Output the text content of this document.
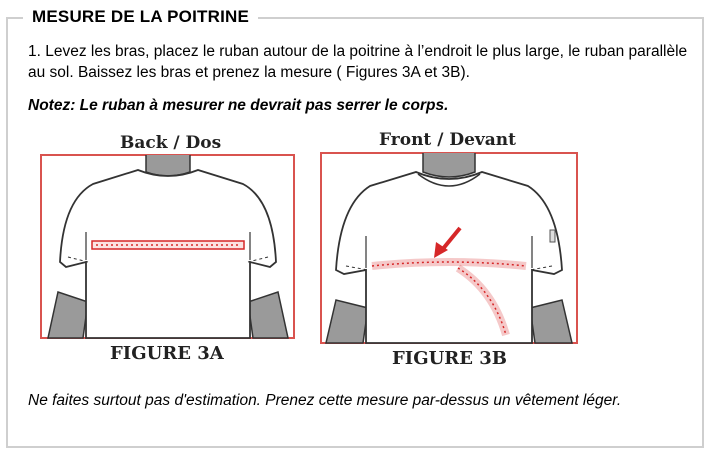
MESURE DE LA POITRINE
1. Levez les bras, placez le ruban autour de la poitrine à l’endroit le plus large, le ruban parallèle au sol. Baissez les bras et prenez la mesure ( Figures 3A et 3B).
Notez: Le ruban à mesurer ne devrait pas serrer le corps.
Back / Dos
FIGURE 3A
Front / Devant
FIGURE 3B
Ne faites surtout pas d'estimation. Prenez cette mesure par-dessus un vêtement léger.
